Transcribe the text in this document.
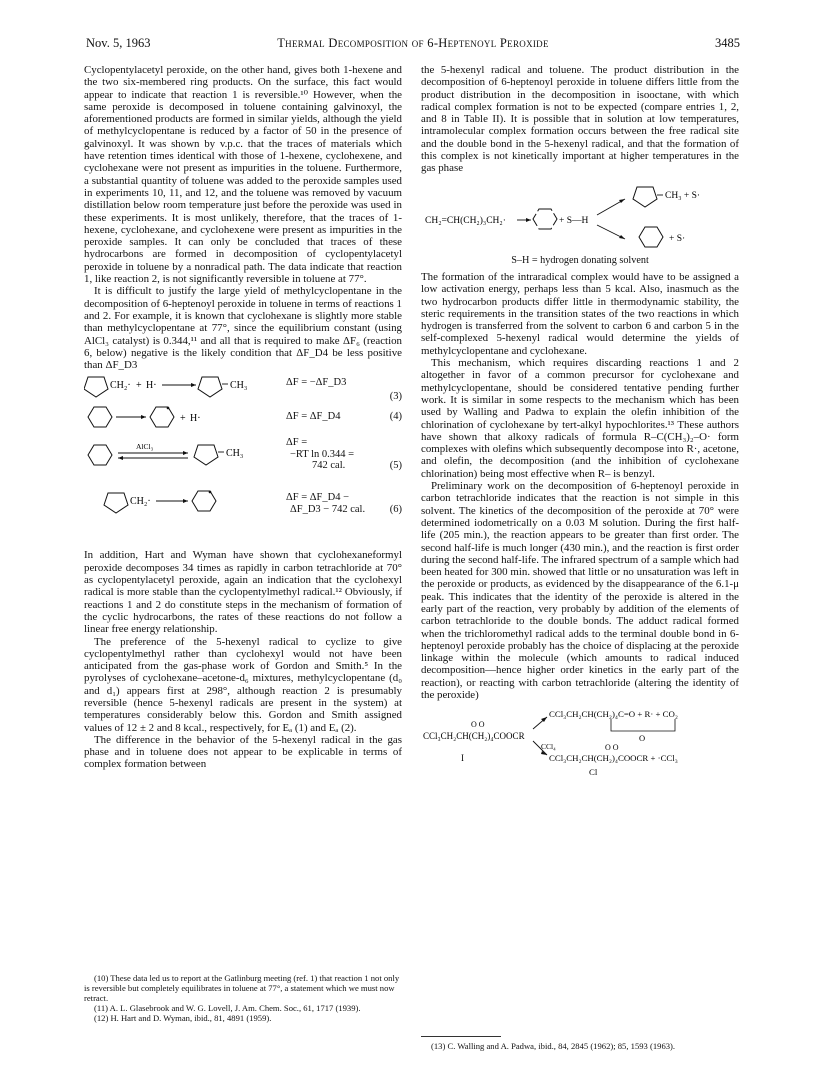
Nov. 5, 1963	Thermal Decomposition of 6-Heptenoyl Peroxide	3485

Cyclopentylacetyl peroxide, on the other hand, gives both 1-hexene and the two six-membered ring products. On the surface, this fact would appear to indicate that reaction 1 is reversible.¹⁰ However, when the same peroxide is decomposed in toluene containing galvinoxyl, the aforementioned products are formed in similar yields, although the yield of methylcyclopentane is reduced by a factor of 50 in the presence of galvinoxyl. It was shown by v.p.c. that the traces of materials which have retention times identical with those of 1-hexene, cyclohexene, and cyclohexane were not present as impurities in the toluene. Furthermore, a substantial quantity of toluene was added to the peroxide samples used in experiments 10, 11, and 12, and the toluene was removed by vacuum distillation below room temperature just before the peroxide was used in these experiments. It is most unlikely, therefore, that the traces of 1-hexene, cyclohexane, and cyclohexene were present as impurities in the peroxide samples. It can only be concluded that traces of these hydrocarbons are formed in decomposition of cyclopentylacetyl peroxide in toluene by a nonradical path. The data indicate that reaction 1, like reaction 2, is not significantly reversible in toluene at 77°.

It is difficult to justify the large yield of methylcyclopentane in the decomposition of 6-heptenoyl peroxide in toluene in terms of reactions 1 and 2. For example, it is known that cyclohexane is slightly more stable than methylcyclopentane at 77°, since the equilibrium constant (using AlCl₃ catalyst) is 0.344,¹¹ and all that is required to make ΔF₆ (reaction 6, below) negative is the likely condition that ΔF_D4 be less positive than ΔF_D3

CH₂· + H·	CH₃	ΔF = −ΔF_D3
(3)
+ H·	ΔF = ΔF_D4	(4)
AlCl₃
CH₃
ΔF =
−RT ln 0.344 =
742 cal.	(5)
CH₂·	ΔF = ΔF_D4 −
ΔF_D3 − 742 cal.	(6)

In addition, Hart and Wyman have shown that cyclohexaneformyl peroxide decomposes 34 times as rapidly in carbon tetrachloride at 70° as cyclopentylacetyl peroxide, again an indication that the cyclohexyl radical is more stable than the cyclopentylmethyl radical.¹² Obviously, if reactions 1 and 2 do constitute steps in the mechanism of formation of the cyclic hydrocarbons, the rates of these reactions do not follow a linear free energy relationship.

The preference of the 5-hexenyl radical to cyclize to give cyclopentylmethyl rather than cyclohexyl would not have been anticipated from the gas-phase work of Gordon and Smith.⁵ In the pyrolyses of cyclohexane–acetone-d₆ mixtures, methylcyclopentane (d₀ and d₁) appears first at 298°, although reaction 2 is presumably reversible (hence 5-hexenyl radicals are present in the system) at temperatures considerably below this. Gordon and Smith assigned values of 12 ± 2 and 8 kcal., respectively, for Eₐ (1) and Eₐ (2).

The difference in the behavior of the 5-hexenyl radical in the gas phase and in toluene does not appear to be explicable in terms of complex formation between

(10) These data led us to report at the Gatlinburg meeting (ref. 1) that reaction 1 not only is reversible but completely equilibrates in toluene at 77°, a statement which we must now retract.
(11) A. L. Glasebrook and W. G. Lovell, J. Am. Chem. Soc., 61, 1717 (1939).
(12) H. Hart and D. Wyman, ibid., 81, 4891 (1959).

the 5-hexenyl radical and toluene. The product distribution in the decomposition of 6-heptenoyl peroxide in toluene differs little from the product distribution in the decomposition in isooctane, with which radical complex formation is not to be expected (compare entries 1, 2, and 8 in Table II). It is possible that in solution at low temperatures, intramolecular complex formation occurs between the free radical site and the double bond in the 5-hexenyl radical, and that the formation of this complex is not kinetically important at higher temperatures in the gas phase

CH₂=CH(CH₂)₃CH₂·	+ S—H
CH₃ + S·
+ S·
S–H = hydrogen donating solvent

The formation of the intraradical complex would have to be assigned a low activation energy, perhaps less than 5 kcal. Also, inasmuch as the two hydrocarbon products differ little in thermodynamic stability, the steric requirements in the transition states of the two reactions in which hydrogen is transferred from the solvent to carbon 6 and carbon 5 in the self-complexed 5-hexenyl radical would determine the yields of methylcyclopentane and cyclohexane.

This mechanism, which requires discarding reactions 1 and 2 altogether in favor of a common precursor for cyclohexane and methylcyclopentane, should be considered tentative pending further work. It is similar in some respects to the mechanism which has been used by Walling and Padwa to explain the olefin inhibition of the chlorination of cyclohexane by tert-alkyl hypochlorites.¹³ These authors have shown that alkoxy radicals of formula R–C(CH₃)₂–O· form complexes with olefins which subsequently decompose into R·, acetone, and olefin, the decomposition (and the inhibition of cyclohexane chlorination) being most effective when R– is benzyl.

Preliminary work on the decomposition of 6-heptenoyl peroxide in carbon tetrachloride indicates that the reaction is not simple in this solvent. The kinetics of the decomposition of the peroxide at 70° were determined iodometrically on a 0.03 M solution. During the first half-life (205 min.), the reaction appears to be greater than first order. The second half-life is much longer (430 min.), and the reaction is first order during the second half-life. The infrared spectrum of a sample which had been heated for 300 min. showed that little or no unsaturation was left in the peroxide or products, as evidenced by the disappearance of the 6.1-μ peak. This indicates that the identity of the peroxide is altered in the early part of the reaction, very probably by addition of the elements of carbon tetrachloride to the double bonds. The adduct radical formed when the trichloromethyl radical adds to the terminal double bond in 6-heptenoyl peroxide probably has the choice of displacing at the peroxide linkage within the molecule (which amounts to radical induced decomposition—hence higher order kinetics in the early part of the reaction), or reacting with carbon tetrachloride (altering the identity of the peroxide)

O O
CCl₃CH₂CH(CH₂)₄COOCR
I
CCl₃CH₂CH(CH₂)₄C=O + R· + CO₂
O
CCl₄	O O
CCl₃CH₂CH(CH₂)₄COOCR + ·CCl₃
Cl
(13) C. Walling and A. Padwa, ibid., 84, 2845 (1962); 85, 1593 (1963).
